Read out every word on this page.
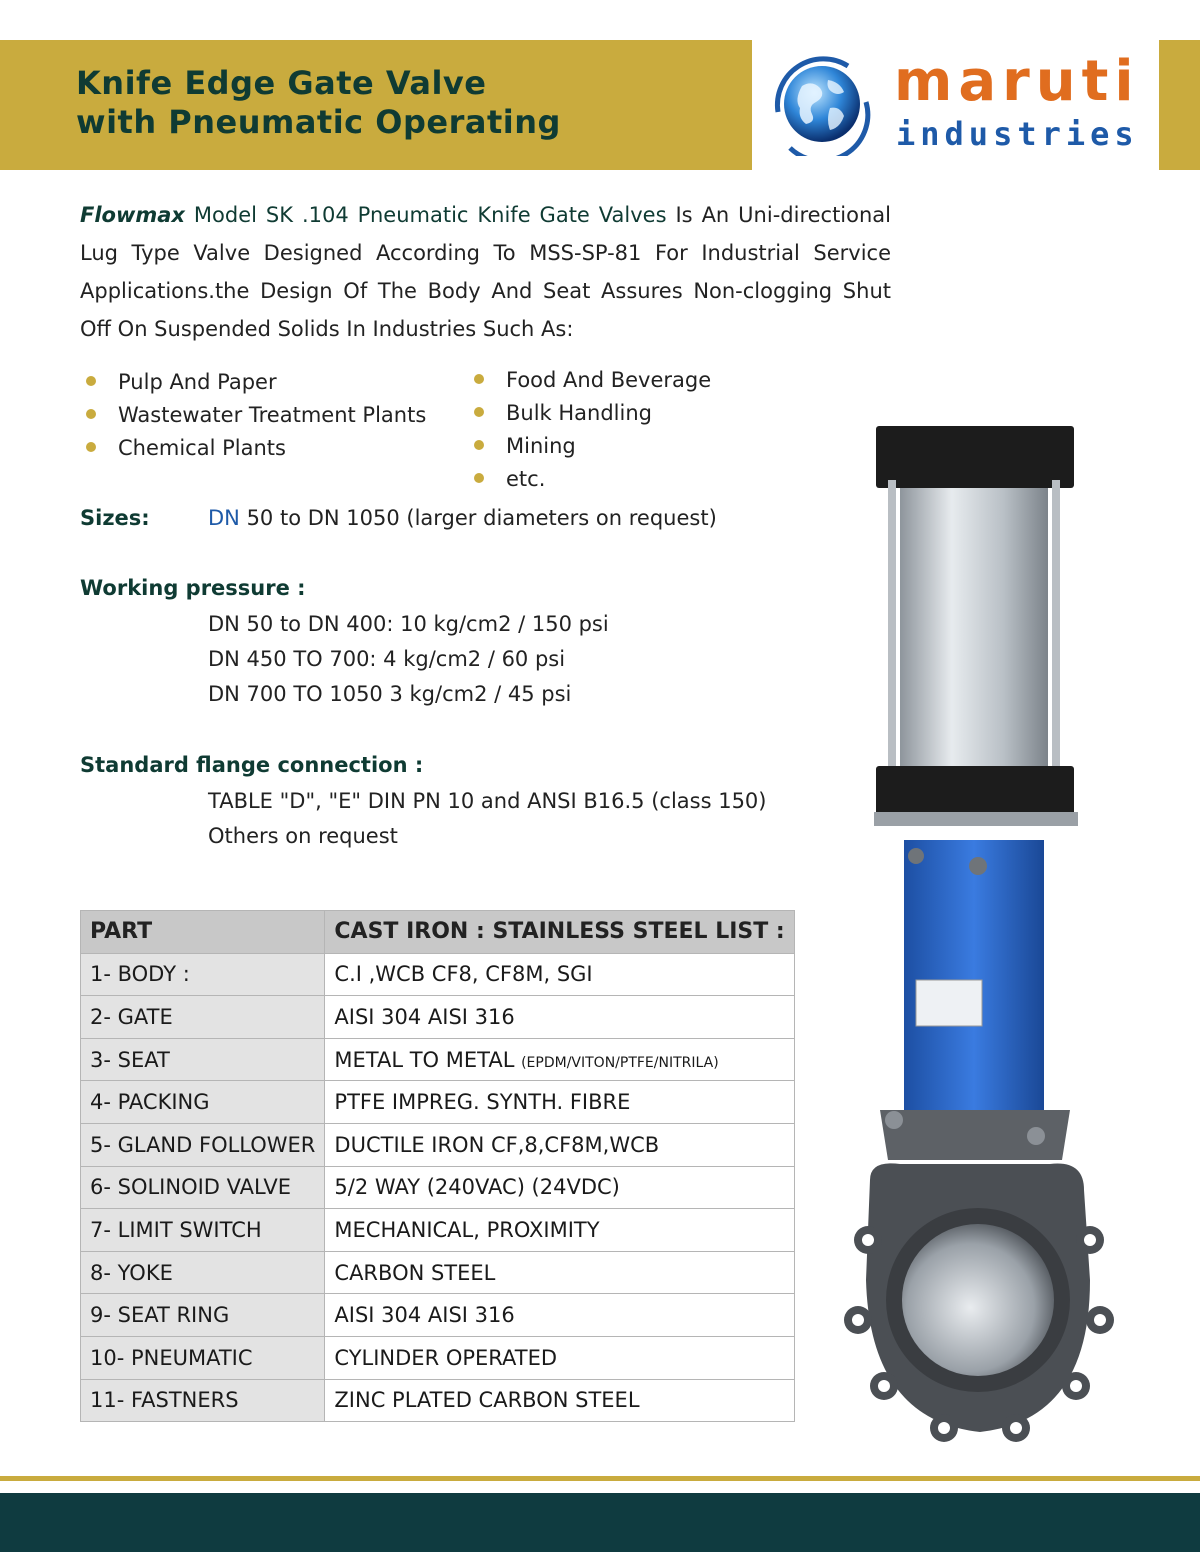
Knife Edge Gate Valve
with Pneumatic Operating
maruti
industries

Flowmax Model SK .104 Pneumatic Knife Gate Valves Is An Uni-directional Lug Type Valve Designed According To MSS-SP-81 For Industrial Service Applications.the Design Of The Body And Seat Assures Non-clogging Shut Off On Suspended Solids In Industries Such As:

Pulp And Paper
Wastewater Treatment Plants
Chemical Plants
Food And Beverage
Bulk Handling
Mining
etc.
Sizes:	DN 50 to DN 1050 (larger diameters on request)
Working pressure :
DN 50 to DN 400: 10 kg/cm2 / 150 psi
DN 450 TO 700: 4 kg/cm2 / 60 psi
DN 700 TO 1050 3 kg/cm2 / 45 psi
Standard flange connection :
TABLE "D", "E" DIN PN 10 and ANSI B16.5 (class 150)
Others on request
PART	CAST IRON : STAINLESS STEEL LIST :
1- BODY :	C.I ,WCB CF8, CF8M, SGI
2- GATE	AISI 304 AISI 316
3- SEAT	METAL TO METAL (EPDM/VITON/PTFE/NITRILA)
4- PACKING	PTFE IMPREG. SYNTH. FIBRE
5- GLAND FOLLOWER	DUCTILE IRON CF,8,CF8M,WCB
6- SOLINOID VALVE	5/2 WAY (240VAC) (24VDC)
7- LIMIT SWITCH	MECHANICAL, PROXIMITY
8- YOKE	CARBON STEEL
9- SEAT RING	AISI 304 AISI 316
10- PNEUMATIC	CYLINDER OPERATED
11- FASTNERS	ZINC PLATED CARBON STEEL
